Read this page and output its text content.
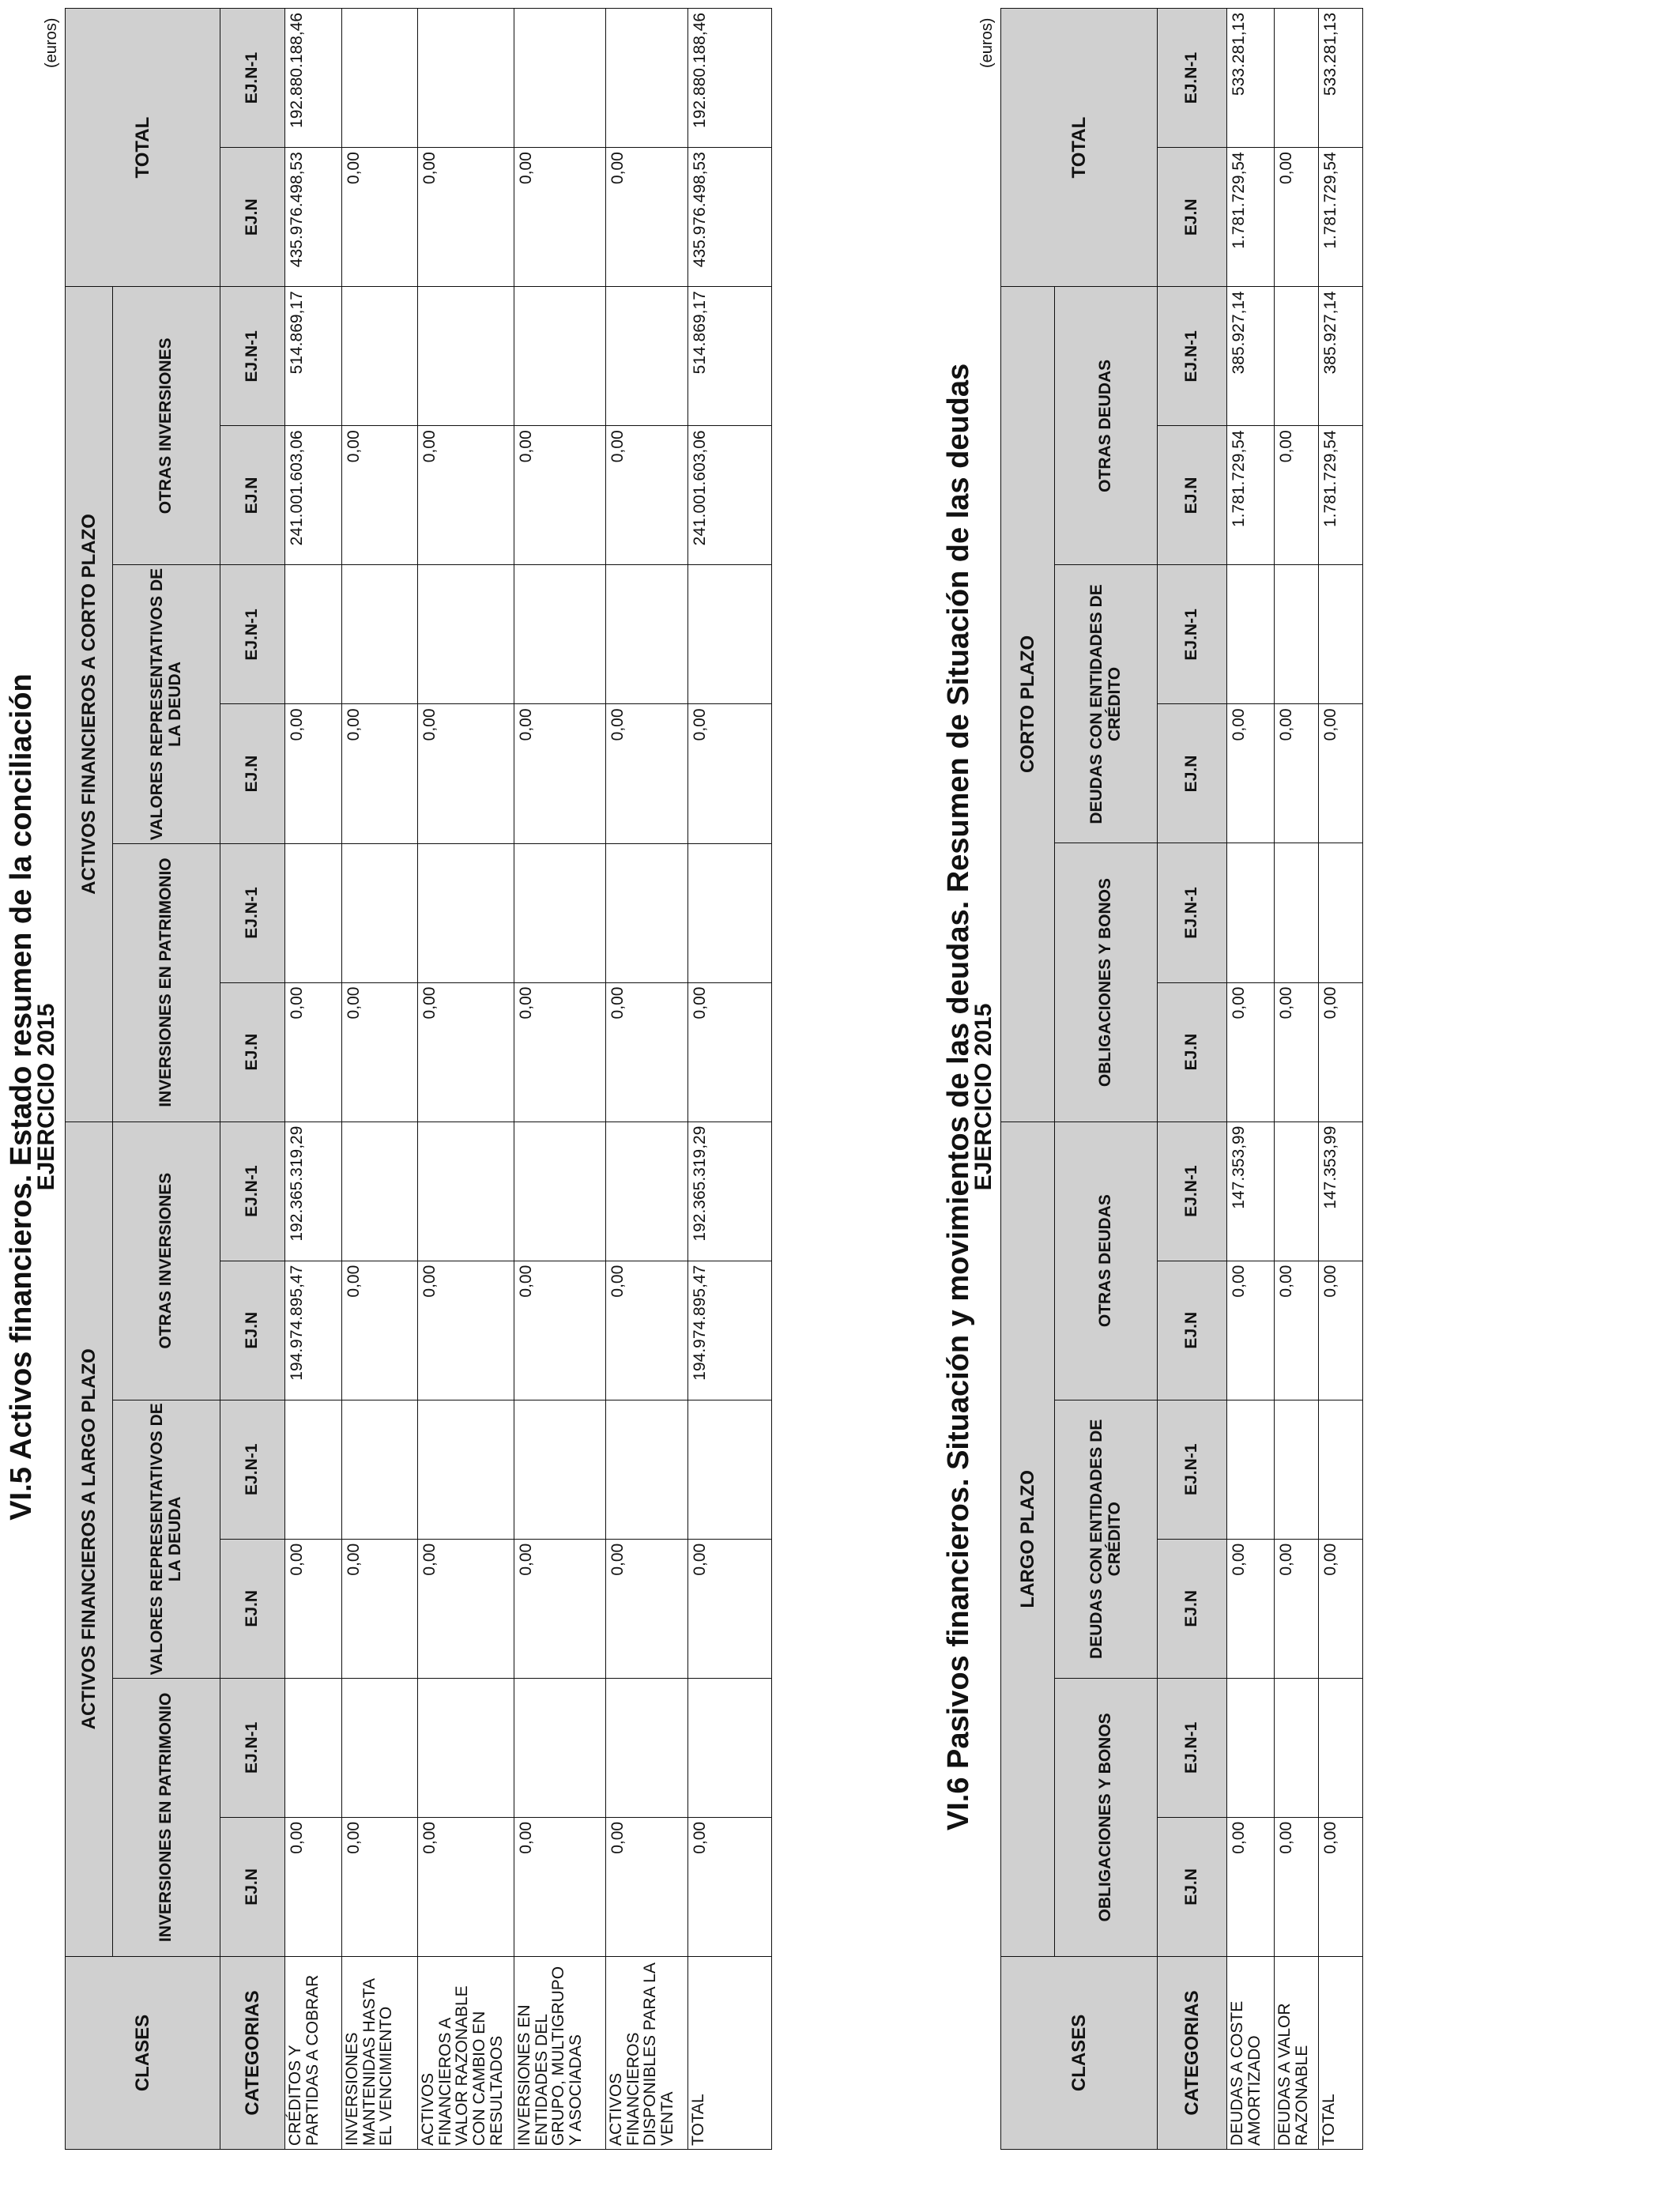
VI.5 Activos financieros. Estado resumen de la conciliación
EJERCICIO 2015
(euros)
CLASES	ACTIVOS FINANCIEROS A LARGO PLAZO						ACTIVOS FINANCIEROS A CORTO PLAZO						TOTAL	
	INVERSIONES EN PATRIMONIO		VALORES REPRESENTATIVOS DE LA DEUDA		OTRAS INVERSIONES		INVERSIONES EN PATRIMONIO		VALORES REPRESENTATIVOS DE LA DEUDA		OTRAS INVERSIONES			
CATEGORIAS	EJ.N	EJ.N-1	EJ.N	EJ.N-1	EJ.N	EJ.N-1	EJ.N	EJ.N-1	EJ.N	EJ.N-1	EJ.N	EJ.N-1	EJ.N	EJ.N-1
CRÉDITOS Y PARTIDAS A COBRAR	0,00		0,00		194.974.895,47	192.365.319,29	0,00		0,00		241.001.603,06	514.869,17	435.976.498,53	192.880.188,46
INVERSIONES MANTENIDAS HASTA EL VENCIMIENTO	0,00		0,00		0,00		0,00		0,00		0,00		0,00	
ACTIVOS FINANCIEROS A VALOR RAZONABLE CON CAMBIO EN RESULTADOS	0,00		0,00		0,00		0,00		0,00		0,00		0,00	
INVERSIONES EN ENTIDADES DEL GRUPO, MULTIGRUPO Y ASOCIADAS	0,00		0,00		0,00		0,00		0,00		0,00		0,00	
ACTIVOS FINANCIEROS DISPONIBLES PARA LA VENTA	0,00		0,00		0,00		0,00		0,00		0,00		0,00	
TOTAL	0,00		0,00		194.974.895,47	192.365.319,29	0,00		0,00		241.001.603,06	514.869,17	435.976.498,53	192.880.188,46
VI.6 Pasivos financieros. Situación y movimientos de las deudas. Resumen de Situación de las deudas
EJERCICIO 2015
(euros)
CLASES	LARGO PLAZO						CORTO PLAZO						TOTAL	
	OBLIGACIONES Y BONOS		DEUDAS CON ENTIDADES DE CRÉDITO		OTRAS DEUDAS		OBLIGACIONES Y BONOS		DEUDAS CON ENTIDADES DE CRÉDITO		OTRAS DEUDAS			
CATEGORIAS	EJ.N	EJ.N-1	EJ.N	EJ.N-1	EJ.N	EJ.N-1	EJ.N	EJ.N-1	EJ.N	EJ.N-1	EJ.N	EJ.N-1	EJ.N	EJ.N-1
DEUDAS A COSTE AMORTIZADO	0,00		0,00		0,00	147.353,99	0,00		0,00		1.781.729,54	385.927,14	1.781.729,54	533.281,13
DEUDAS A VALOR RAZONABLE	0,00		0,00		0,00		0,00		0,00		0,00		0,00	
TOTAL	0,00		0,00		0,00	147.353,99	0,00		0,00		1.781.729,54	385.927,14	1.781.729,54	533.281,13
